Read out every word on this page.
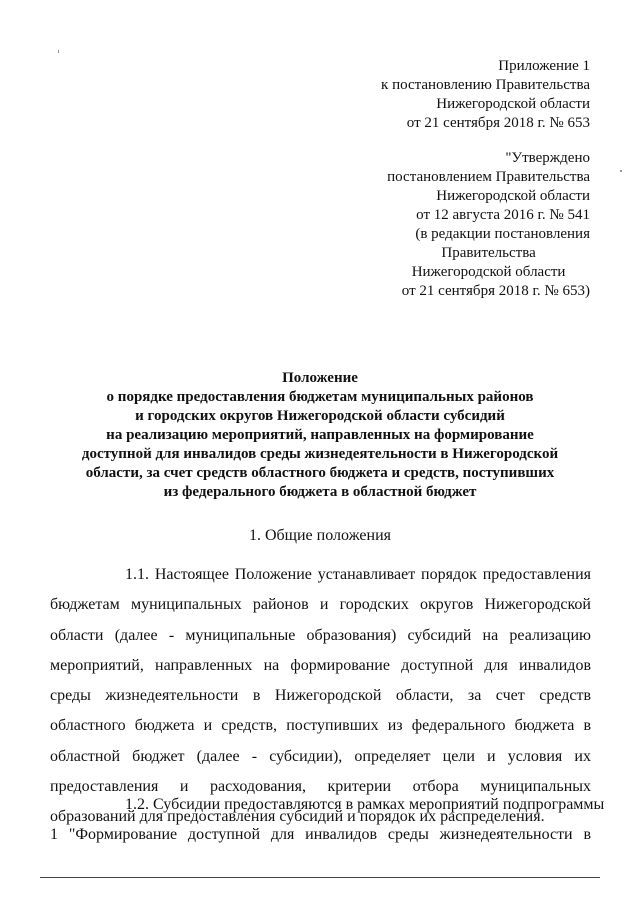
Приложение 1
к постановлению Правительства
Нижегородской области
от 21 сентября 2018 г. № 653
"Утверждено
постановлением Правительства
Нижегородской области
от 12 августа 2016 г. № 541
(в редакции постановления
Правительства
Нижегородской области
от 21 сентября 2018 г. № 653)
Положение
о порядке предоставления бюджетам муниципальных районов
и городских округов Нижегородской области субсидий
на реализацию мероприятий, направленных на формирование
доступной для инвалидов среды жизнедеятельности в Нижегородской
области, за счет средств областного бюджета и средств, поступивших
из федерального бюджета в областной бюджет
1. Общие положения
1.1. Настоящее Положение устанавливает порядок предоставления
бюджетам муниципальных районов и городских округов Нижегородской
области (далее - муниципальные образования) субсидий на реализацию
мероприятий, направленных на формирование доступной для инвалидов
среды жизнедеятельности в Нижегородской области, за счет средств
областного бюджета и средств, поступивших из федерального бюджета в
областной бюджет (далее - субсидии), определяет цели и условия их
предоставления и расходования, критерии отбора муниципальных
образований для предоставления субсидий и порядок их распределения.
1.2. Субсидии предоставляются в рамках мероприятий подпрограммы
1 "Формирование доступной для инвалидов среды жизнедеятельности в
